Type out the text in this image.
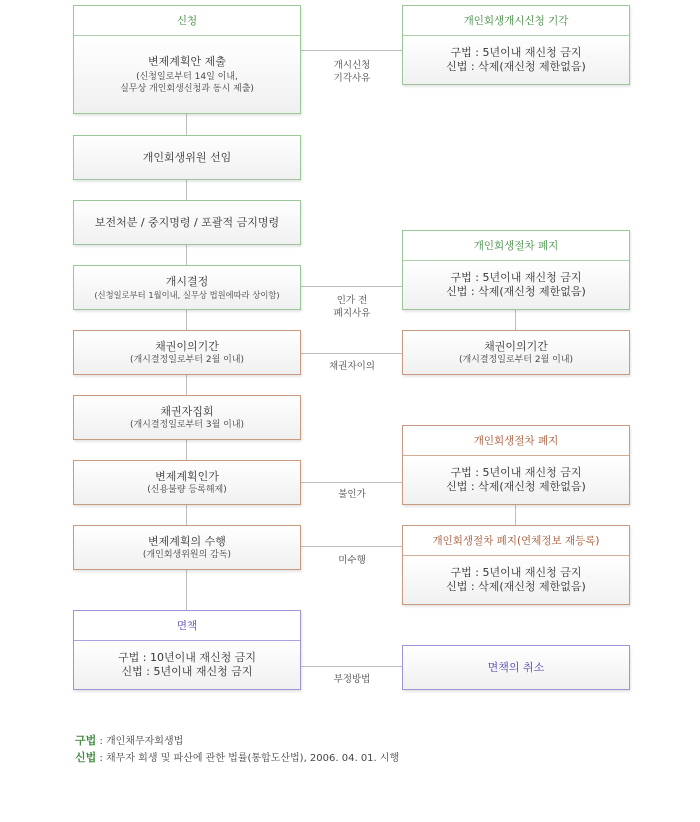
개시신청
기각사유
인가 전
폐지사유
채권자이의
불인가
미수행
부정방법
신청
변제계획안 제출
(신청일로부터 14일 이내,
실무상 개인회생신청과 동시 제출)
개인회생위원 선임
보전처분 / 중지명령 / 포괄적 금지명령
개시결정
(신청일로부터 1월이내, 실무상 법원에따라 상이함)
채권이의기간
(개시결정일로부터 2월 이내)
채권자집회
(개시결정일로부터 3월 이내)
변제계획인가
(신용불량 등록해제)
변제계획의 수행
(개인회생위원의 감독)
면책
구법 : 10년이내 재신청 금지
신법 : 5년이내 재신청 금지
개인회생개시신청 기각
구법 : 5년이내 재신청 금지
신법 : 삭제(재신청 제한없음)
개인회생절차 폐지
구법 : 5년이내 재신청 금지
신법 : 삭제(재신청 제한없음)
채권이의기간
(개시결정일로부터 2월 이내)
개인회생절차 폐지
구법 : 5년이내 재신청 금지
신법 : 삭제(재신청 제한없음)
개인회생절차 폐지(연체정보 재등록)
구법 : 5년이내 재신청 금지
신법 : 삭제(재신청 제한없음)
면책의 취소
구법 : 개인채무자회생법
신법 : 채무자 회생 및 파산에 관한 법률(통합도산법), 2006. 04. 01. 시행
